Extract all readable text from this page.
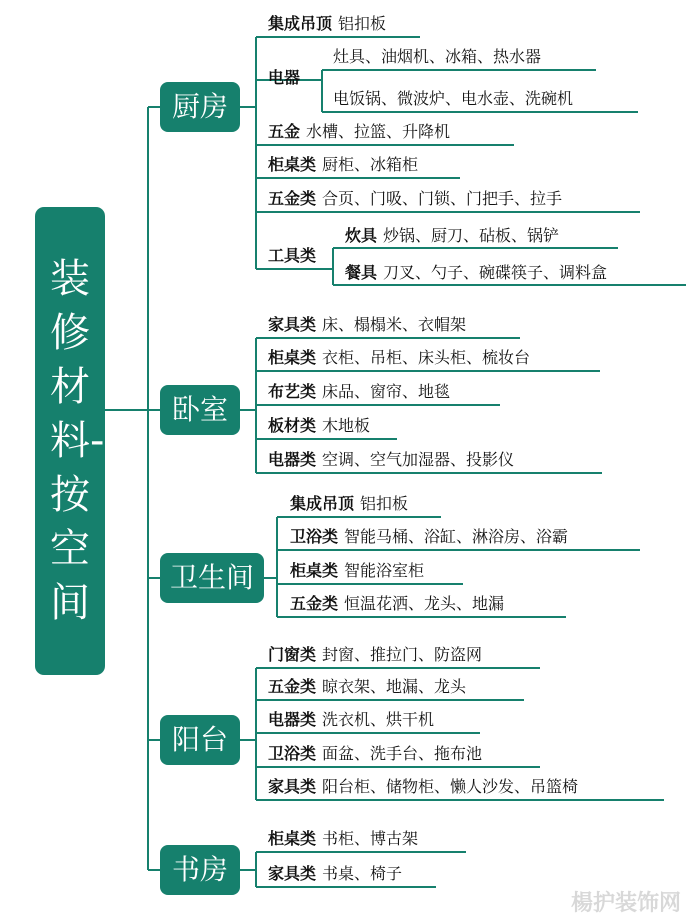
装修材料-按空间
厨房
卧室
卫生间
阳台
书房
集成吊顶 铝扣板
电器
灶具、油烟机、冰箱、热水器
电饭锅、微波炉、电水壶、洗碗机
五金 水槽、拉篮、升降机
柜桌类 厨柜、冰箱柜
五金类 合页、门吸、门锁、门把手、拉手
工具类
炊具 炒锅、厨刀、砧板、锅铲
餐具 刀叉、勺子、碗碟筷子、调料盒
家具类 床、榻榻米、衣帽架
柜桌类 衣柜、吊柜、床头柜、梳妆台
布艺类 床品、窗帘、地毯
板材类 木地板
电器类 空调、空气加湿器、投影仪
集成吊顶 铝扣板
卫浴类 智能马桶、浴缸、淋浴房、浴霸
柜桌类 智能浴室柜
五金类 恒温花洒、龙头、地漏
门窗类 封窗、推拉门、防盗网
五金类 晾衣架、地漏、龙头
电器类 洗衣机、烘干机
卫浴类 面盆、洗手台、拖布池
家具类 阳台柜、储物柜、懒人沙发、吊篮椅
柜桌类 书柜、博古架
家具类 书桌、椅子
楊护装饰网
